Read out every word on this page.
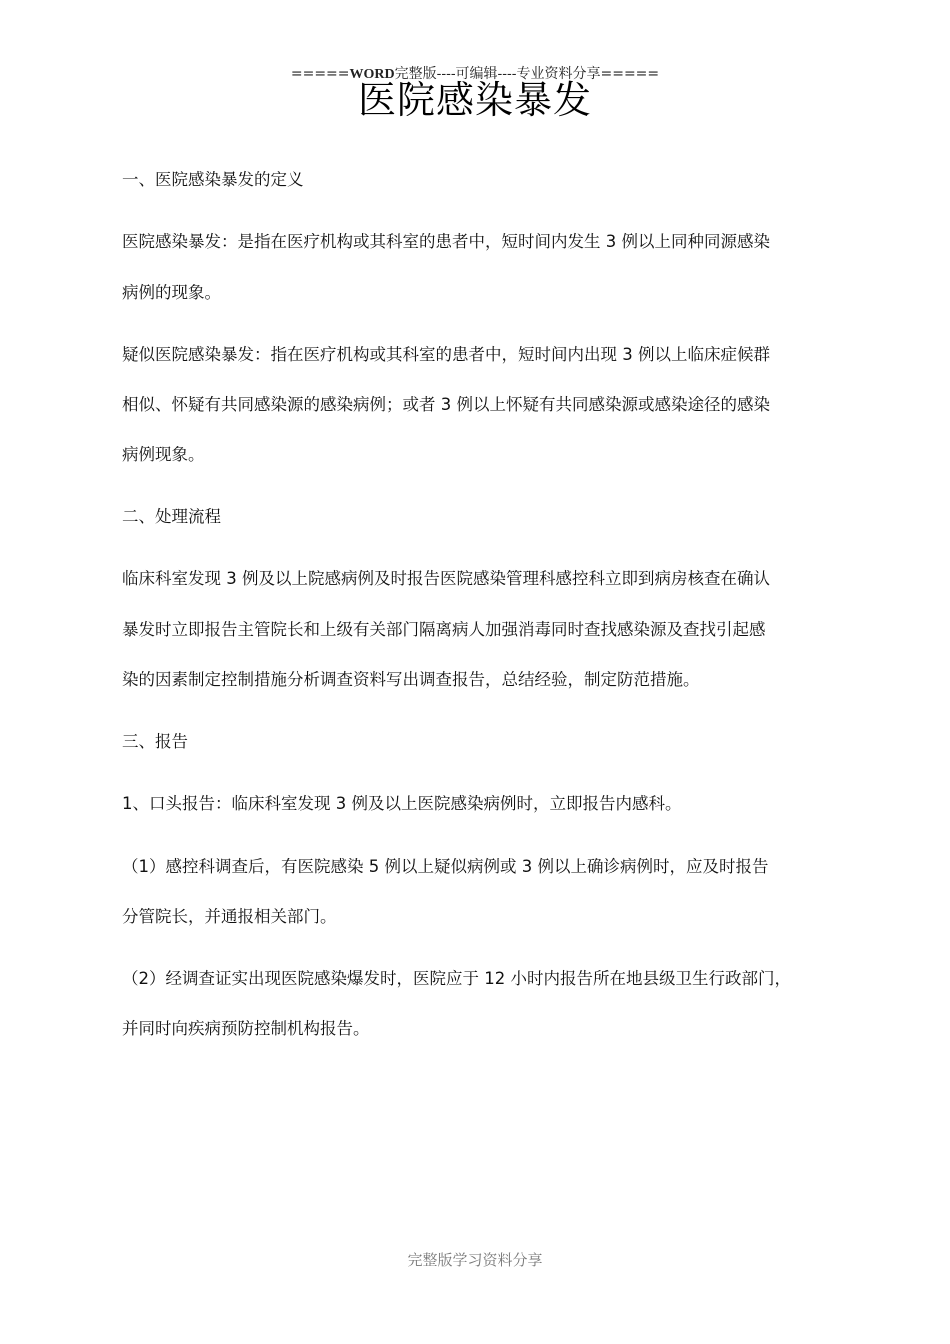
=====WORD完整版----可编辑----专业资料分享=====
医院感染暴发
一、医院感染暴发的定义
医院感染暴发：是指在医疗机构或其科室的患者中，短时间内发生 3 例以上同种同源感染
病例的现象。
疑似医院感染暴发：指在医疗机构或其科室的患者中，短时间内出现 3 例以上临床症候群
相似、怀疑有共同感染源的感染病例；或者 3 例以上怀疑有共同感染源或感染途径的感染
病例现象。
二、处理流程
临床科室发现 3 例及以上院感病例及时报告医院感染管理科感控科立即到病房核查在确认
暴发时立即报告主管院长和上级有关部门隔离病人加强消毒同时查找感染源及查找引起感
染的因素制定控制措施分析调查资料写出调查报告，总结经验，制定防范措施。
三、报告
1、口头报告：临床科室发现 3 例及以上医院感染病例时，立即报告内感科。
（1）感控科调查后，有医院感染 5 例以上疑似病例或 3 例以上确诊病例时，应及时报告
分管院长，并通报相关部门。
（2）经调查证实出现医院感染爆发时，医院应于 12 小时内报告所在地县级卫生行政部门，
并同时向疾病预防控制机构报告。
完整版学习资料分享
